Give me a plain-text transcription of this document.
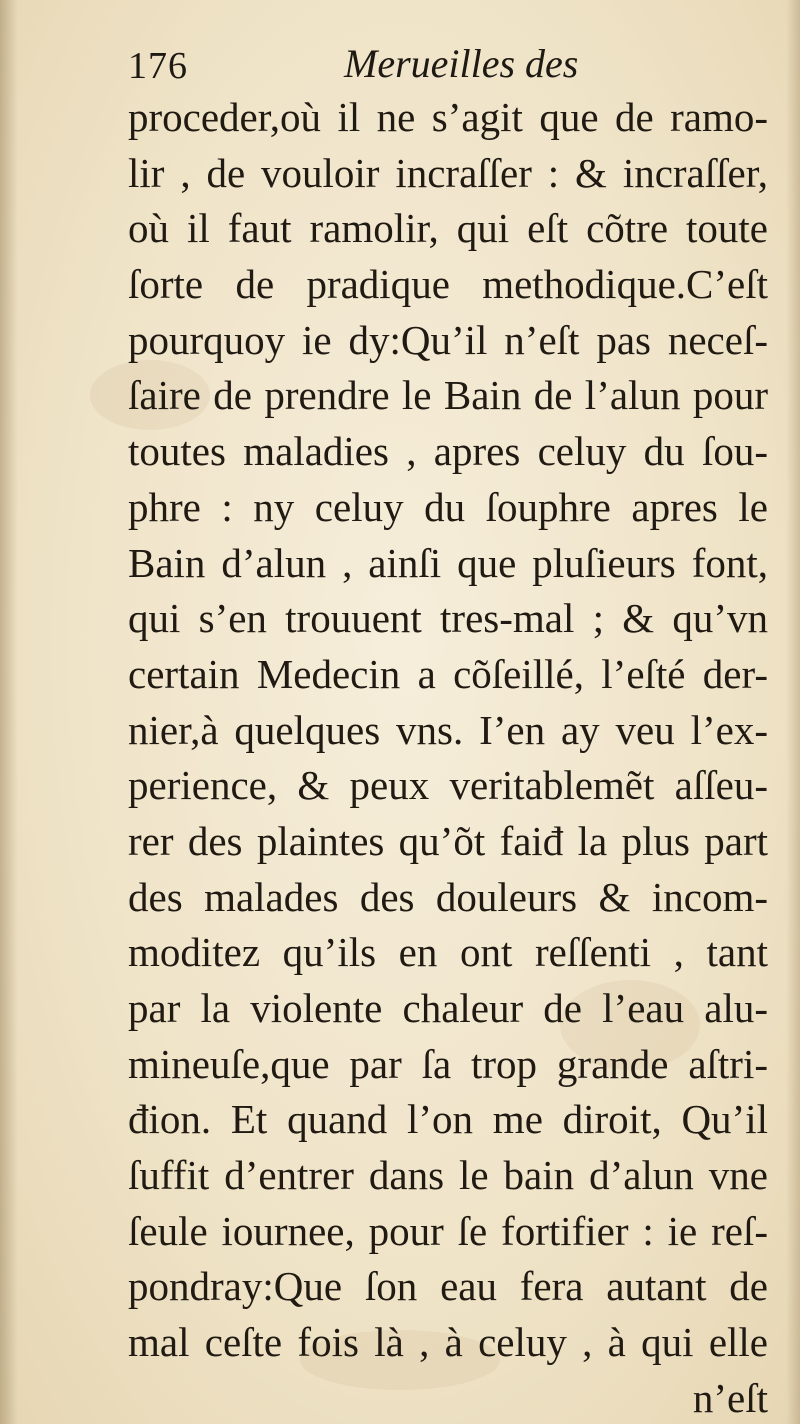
176	Merueilles des
proceder,où il ne s’agit que de ramo-
lir , de vouloir incraſſer : & incraſſer,
où il faut ramolir, qui eſt cõtre toute
ſorte de pradique methodique.C’eſt
pourquoy ie dy:Qu’il n’eſt pas neceſ-
ſaire de prendre le Bain de l’alun pour
toutes maladies , apres celuy du ſou-
phre : ny celuy du ſouphre apres le
Bain d’alun , ainſi que pluſieurs font,
qui s’en trouuent tres-mal ; & qu’vn
certain Medecin a cõſeillé, l’eſté der-
nier,à quelques vns. I’en ay veu l’ex-
perience, & peux veritablemẽt aſſeu-
rer des plaintes qu’õt faiđ la plus part
des malades des douleurs & incom-
moditez qu’ils en ont reſſenti , tant
par la violente chaleur de l’eau alu-
mineuſe,que par ſa trop grande aſtri-
đion. Et quand l’on me diroit, Qu’il
ſuffit d’entrer dans le bain d’alun vne
ſeule iournee, pour ſe fortifier : ie reſ-
pondray:Que ſon eau fera autant de
mal ceſte fois là , à celuy , à qui elle
n’eſt
